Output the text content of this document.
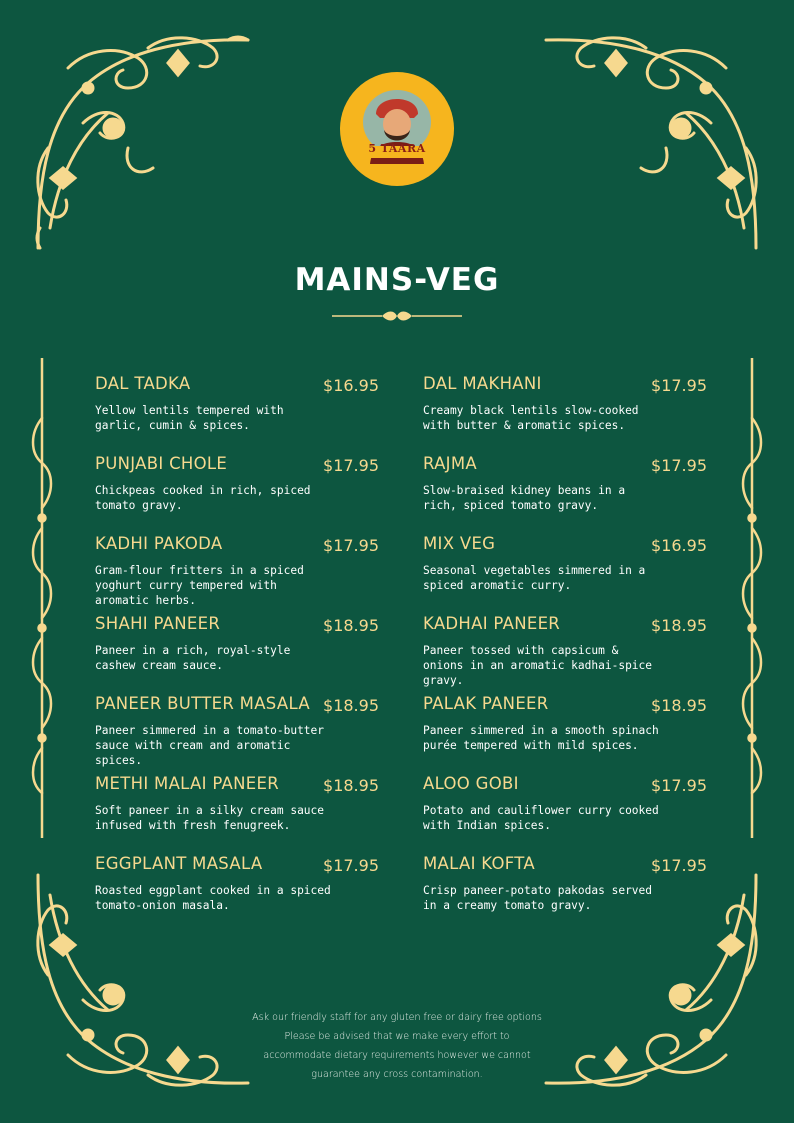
5 TAARA
MAINS-VEG
DAL TADKA	$16.95
Yellow lentils tempered with garlic, cumin & spices.
PUNJABI CHOLE	$17.95
Chickpeas cooked in rich, spiced tomato gravy.
KADHI PAKODA	$17.95
Gram-flour fritters in a spiced yoghurt curry tempered with aromatic herbs.
SHAHI PANEER	$18.95
Paneer in a rich, royal-style cashew cream sauce.
PANEER BUTTER MASALA $18.95
Paneer simmered in a tomato-butter sauce with cream and aromatic spices.
METHI MALAI PANEER	$18.95
Soft paneer in a silky cream sauce infused with fresh fenugreek.
EGGPLANT MASALA	$17.95
Roasted eggplant cooked in a spiced tomato-onion masala.
DAL MAKHANI	$17.95
Creamy black lentils slow-cooked with butter & aromatic spices.
RAJMA	$17.95
Slow-braised kidney beans in a rich, spiced tomato gravy.
MIX VEG	$16.95
Seasonal vegetables simmered in a spiced aromatic curry.
KADHAI PANEER	$18.95
Paneer tossed with capsicum & onions in an aromatic kadhai-spice gravy.
PALAK PANEER	$18.95
Paneer simmered in a smooth spinach purée tempered with mild spices.
ALOO GOBI	$17.95
Potato and cauliflower curry cooked with Indian spices.
MALAI KOFTA	$17.95
Crisp paneer-potato pakodas served in a creamy tomato gravy.
Ask our friendly staff for any gluten free or dairy free options
Please be advised that we make every effort to
accommodate dietary requirements however we cannot
guarantee any cross contamination.
